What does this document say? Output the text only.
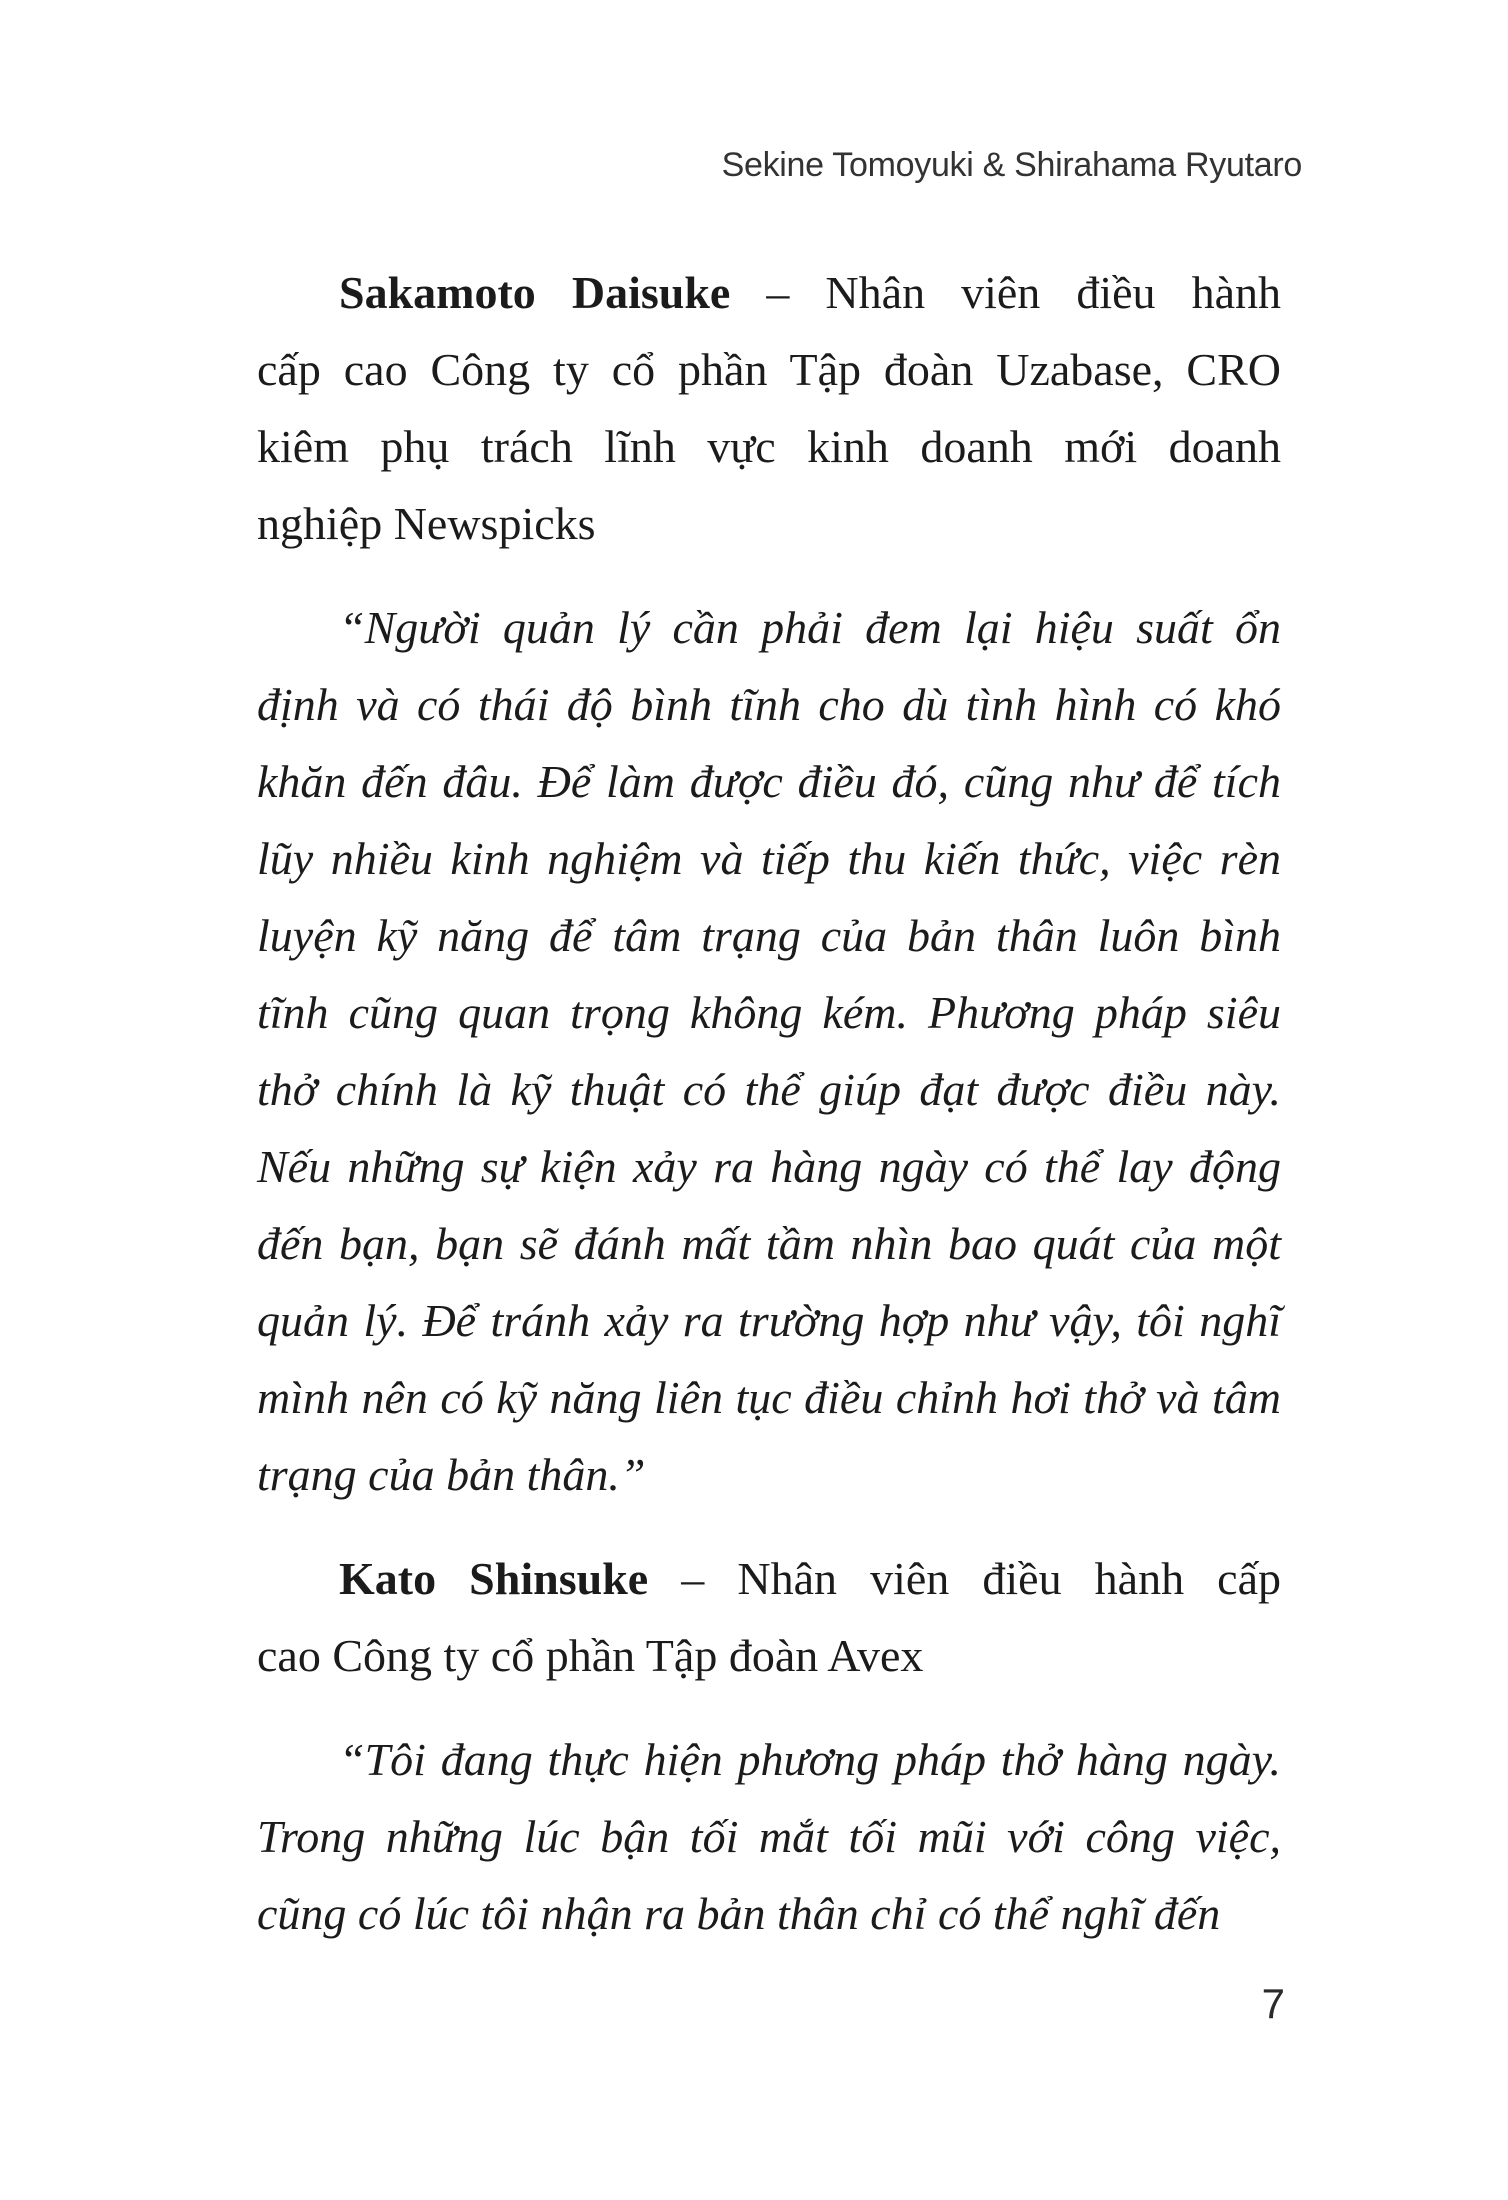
Sekine Tomoyuki & Shirahama Ryutaro
Sakamoto Daisuke – Nhân viên điều hành
cấp cao Công ty cổ phần Tập đoàn Uzabase, CRO
kiêm phụ trách lĩnh vực kinh doanh mới doanh
nghiệp Newspicks
“Người quản lý cần phải đem lại hiệu suất ổn
định và có thái độ bình tĩnh cho dù tình hình có khó
khăn đến đâu. Để làm được điều đó, cũng như để tích
lũy nhiều kinh nghiệm và tiếp thu kiến thức, việc rèn
luyện kỹ năng để tâm trạng của bản thân luôn bình
tĩnh cũng quan trọng không kém. Phương pháp siêu
thở chính là kỹ thuật có thể giúp đạt được điều này.
Nếu những sự kiện xảy ra hàng ngày có thể lay động
đến bạn, bạn sẽ đánh mất tầm nhìn bao quát của một
quản lý. Để tránh xảy ra trường hợp như vậy, tôi nghĩ
mình nên có kỹ năng liên tục điều chỉnh hơi thở và tâm
trạng của bản thân.”
Kato Shinsuke – Nhân viên điều hành cấp
cao Công ty cổ phần Tập đoàn Avex
“Tôi đang thực hiện phương pháp thở hàng ngày.
Trong những lúc bận tối mắt tối mũi với công việc,
cũng có lúc tôi nhận ra bản thân chỉ có thể nghĩ đến
7
